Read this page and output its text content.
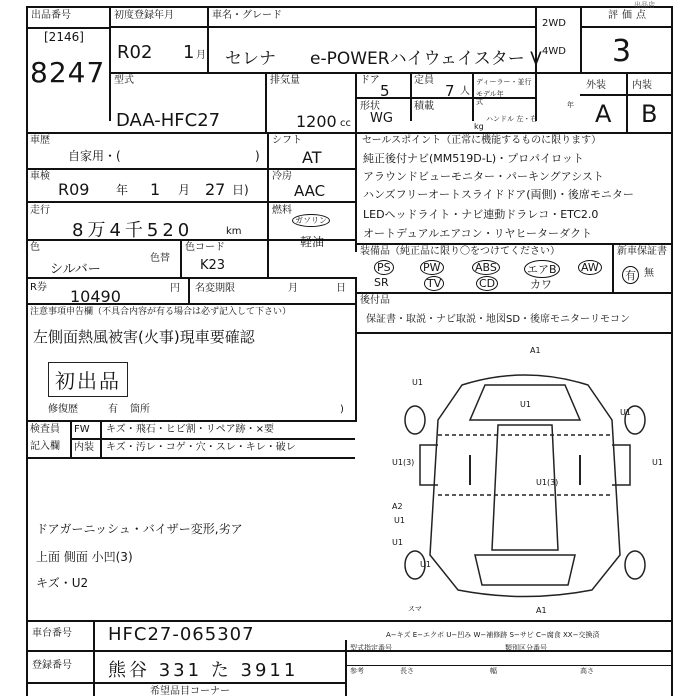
出品番号
[2146]
8247
初度登録年月
R02 1 月
車名・グレード
セレナ e-POWERハイウェイスター V
2WD
4WD
評価点
3
出品店
型式
DAA-HFC27
排気量
1200 cc
ドア
5
定員
7 人
形状
WG
積載
kg
ディーラー・並行
モデル年式	年
ハンドル 左・右
外装	内装
A B
車歴
自家用・(	)
シフト
AT
車検
R09 年 1 月 27 日)
冷房
AAC
走行
8万4千520	km
燃料
ガソリン
軽油
色
シルバー
色替
色コード
K23
R券 10490	円 名変期限	月	日
セールスポイント（正常に機能するものに限ります）
純正後付ナビ(MM519D-L)・プロパイロット
アラウンドビューモニター・パーキングアシスト
ハンズフリーオートスライドドア(両側)・後席モニター
LEDヘッドライト・ナビ連動ドラレコ・ETC2.0
オートデュアルエアコン・リヤヒーターダクト
装備品（純正品に限り〇をつけてください）	新車保証書
PS	PW	ABS	エアB AW
SR	TV	CD	カワ
有 無
後付品
保証書・取説・ナビ取説・地図SD・後席モニターリモコン
注意事項申告欄（不具合内容が有る場合は必ず記入して下さい）
左側面熱風被害(火事)現車要確認
初出品
修復歴	有 箇所	)
検査員
記入欄
FW キズ・飛石・ヒビ割・リペア跡・×要
内装 キズ・汚レ・コゲ・穴・スレ・キレ・破レ
ドアガーニッシュ・バイザー変形,劣ア
上面 側面 小凹(3)
キズ・U2
A1
U1
U1
U1(3)
U1(3)
U1
U1
A2
U1
U1
A1
U1
スマ
A−キズ E−エクボ U−凹み W−補修跡 S−サビ C−腐食 XX−交換済
車台番号 HFC27-065307
登録番号 熊谷 331 た 3911
型式指定番号	類別区分番号
参考	長さ	幅	高さ
希望品目コーナー
